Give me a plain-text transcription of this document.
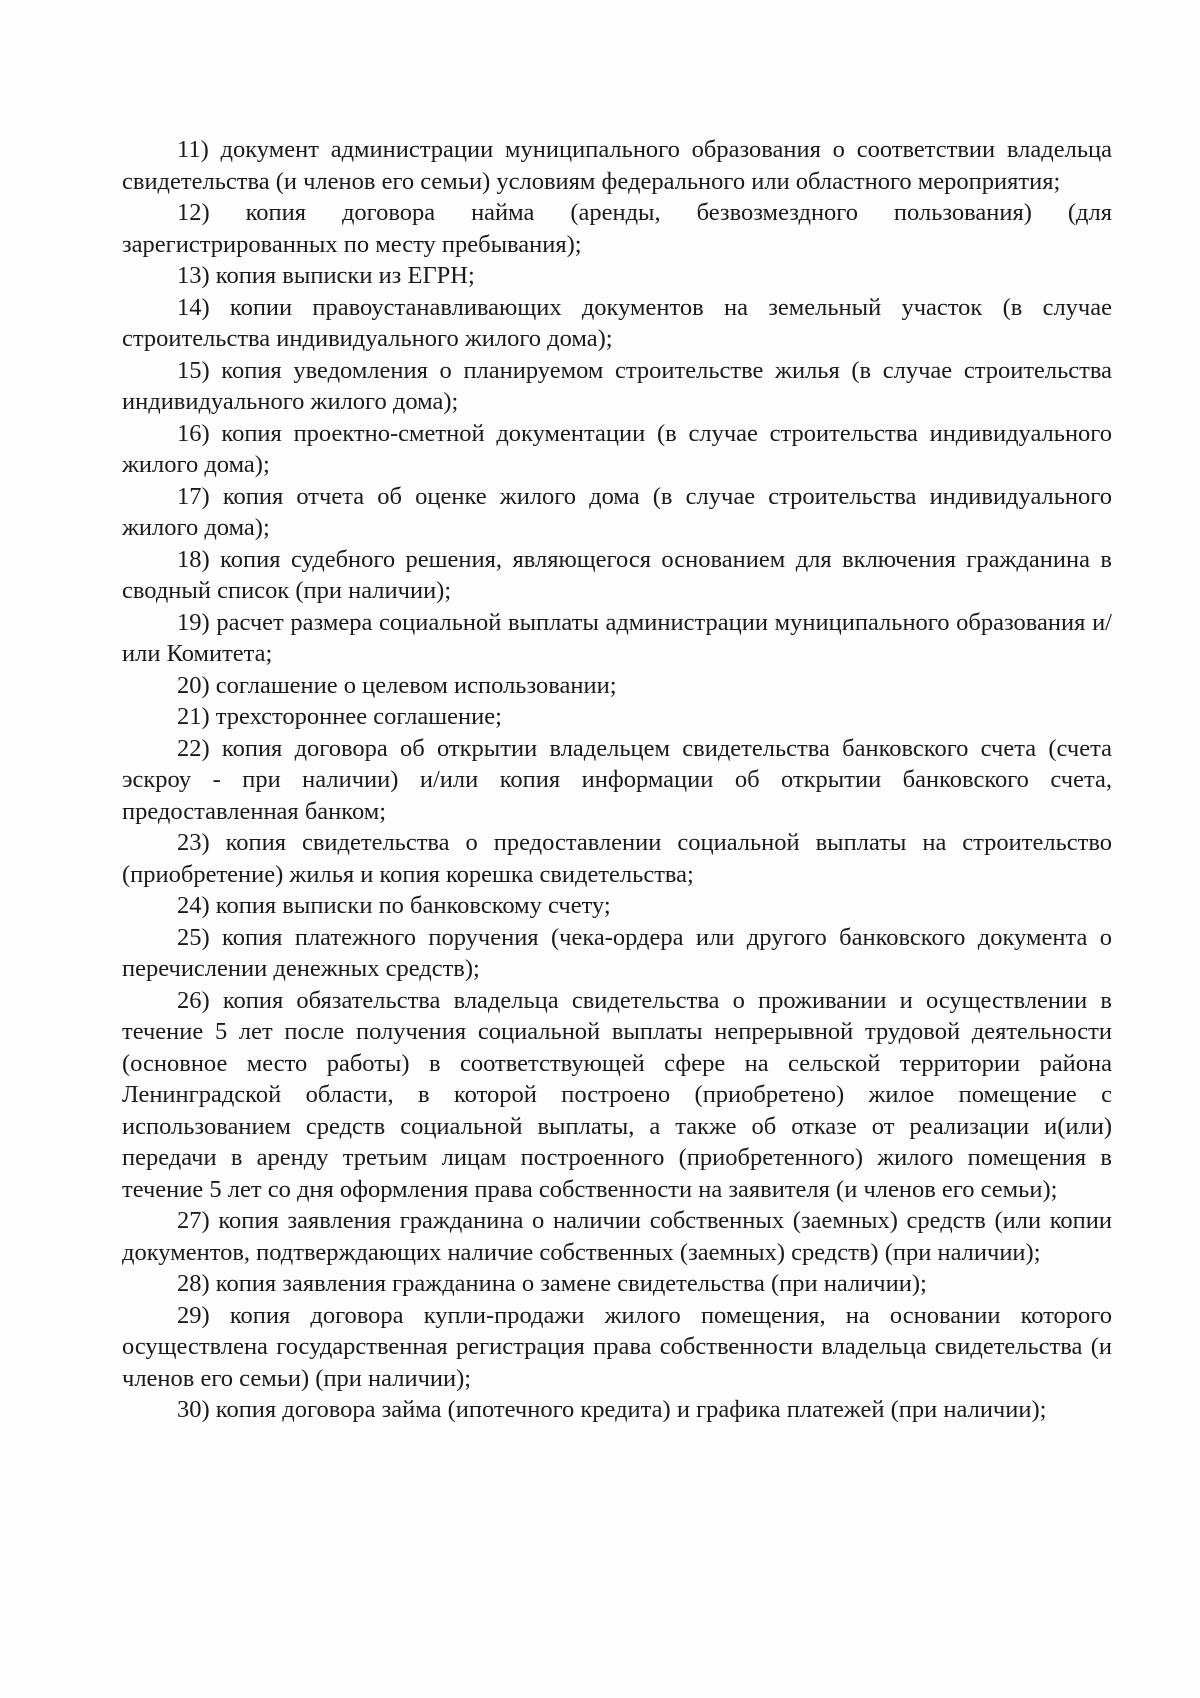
11) документ администрации муниципального образования о соответствии владельца свидетельства (и членов его семьи) условиям федерального или областного мероприятия;

12) копия договора найма (аренды, безвозмездного пользования) (для зарегистрированных по месту пребывания);

13) копия выписки из ЕГРН;

14) копии правоустанавливающих документов на земельный участок (в случае строительства индивидуального жилого дома);

15) копия уведомления о планируемом строительстве жилья (в случае строительства индивидуального жилого дома);

16) копия проектно-сметной документации (в случае строительства индивидуального жилого дома);

17) копия отчета об оценке жилого дома (в случае строительства индивидуального жилого дома);

18) копия судебного решения, являющегося основанием для включения гражданина в сводный список (при наличии);

19) расчет размера социальной выплаты администрации муниципального образования и/или Комитета;

20) соглашение о целевом использовании;

21) трехстороннее соглашение;

22) копия договора об открытии владельцем свидетельства банковского счета (счета эскроу - при наличии) и/или копия информации об открытии банковского счета, предоставленная банком;

23) копия свидетельства о предоставлении социальной выплаты на строительство (приобретение) жилья и копия корешка свидетельства;

24) копия выписки по банковскому счету;

25) копия платежного поручения (чека-ордера или другого банковского документа о перечислении денежных средств);

26) копия обязательства владельца свидетельства о проживании и осуществлении в течение 5 лет после получения социальной выплаты непрерывной трудовой деятельности (основное место работы) в соответствующей сфере на сельской территории района Ленинградской области, в которой построено (приобретено) жилое помещение с использованием средств социальной выплаты, а также об отказе от реализации и(или) передачи в аренду третьим лицам построенного (приобретенного) жилого помещения в течение 5 лет со дня оформления права собственности на заявителя (и членов его семьи);

27) копия заявления гражданина о наличии собственных (заемных) средств (или копии документов, подтверждающих наличие собственных (заемных) средств) (при наличии);

28) копия заявления гражданина о замене свидетельства (при наличии);

29) копия договора купли-продажи жилого помещения, на основании которого осуществлена государственная регистрация права собственности владельца свидетельства (и членов его семьи) (при наличии);

30) копия договора займа (ипотечного кредита) и графика платежей (при наличии);
